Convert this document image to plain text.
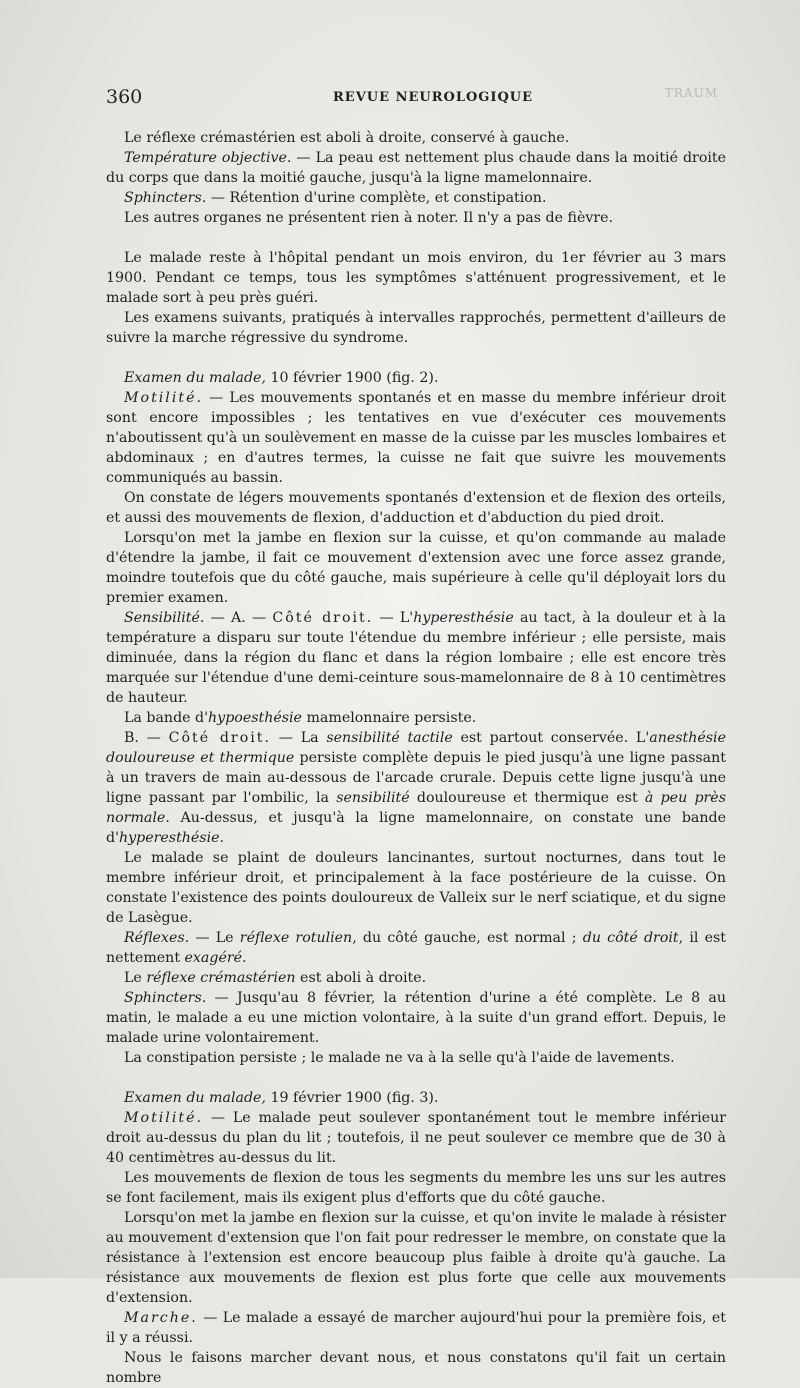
360	REVUE NEUROLOGIQUE	TRAUM

Le réflexe crémastérien est aboli à droite, conservé à gauche.

Température objective. — La peau est nettement plus chaude dans la moitié droite du corps que dans la moitié gauche, jusqu'à la ligne mamelonnaire.

Sphincters. — Rétention d'urine complète, et constipation.

Les autres organes ne présentent rien à noter. Il n'y a pas de fièvre.

Le malade reste à l'hôpital pendant un mois environ, du 1er février au 3 mars 1900. Pendant ce temps, tous les symptômes s'atténuent progressivement, et le malade sort à peu près guéri.

Les examens suivants, pratiqués à intervalles rapprochés, permettent d'ailleurs de suivre la marche régressive du syndrome.

Examen du malade, 10 février 1900 (fig. 2).

Motilité. — Les mouvements spontanés et en masse du membre inférieur droit sont encore impossibles ; les tentatives en vue d'exécuter ces mouvements n'aboutissent qu'à un soulèvement en masse de la cuisse par les muscles lombaires et abdominaux ; en d'autres termes, la cuisse ne fait que suivre les mouvements communiqués au bassin.

On constate de légers mouvements spontanés d'extension et de flexion des orteils, et aussi des mouvements de flexion, d'adduction et d'abduction du pied droit.

Lorsqu'on met la jambe en flexion sur la cuisse, et qu'on commande au malade d'étendre la jambe, il fait ce mouvement d'extension avec une force assez grande, moindre toutefois que du côté gauche, mais supérieure à celle qu'il déployait lors du premier examen.

Sensibilité. — A. — Côté droit. — L'hyperesthésie au tact, à la douleur et à la température a disparu sur toute l'étendue du membre inférieur ; elle persiste, mais diminuée, dans la région du flanc et dans la région lombaire ; elle est encore très marquée sur l'étendue d'une demi-ceinture sous-mamelonnaire de 8 à 10 centimètres de hauteur.

La bande d'hypoesthésie mamelonnaire persiste.

B. — Côté droit. — La sensibilité tactile est partout conservée. L'anesthésie douloureuse et thermique persiste complète depuis le pied jusqu'à une ligne passant à un travers de main au-dessous de l'arcade crurale. Depuis cette ligne jusqu'à une ligne passant par l'ombilic, la sensibilité douloureuse et thermique est à peu près normale. Au-dessus, et jusqu'à la ligne mamelonnaire, on constate une bande d'hyperesthésie.

Le malade se plaint de douleurs lancinantes, surtout nocturnes, dans tout le membre inférieur droit, et principalement à la face postérieure de la cuisse. On constate l'existence des points douloureux de Valleix sur le nerf sciatique, et du signe de Lasègue.

Réflexes. — Le réflexe rotulien, du côté gauche, est normal ; du côté droit, il est nettement exagéré.

Le réflexe crémastérien est aboli à droite.

Sphincters. — Jusqu'au 8 février, la rétention d'urine a été complète. Le 8 au matin, le malade a eu une miction volontaire, à la suite d'un grand effort. Depuis, le malade urine volontairement.

La constipation persiste ; le malade ne va à la selle qu'à l'aide de lavements.

Examen du malade, 19 février 1900 (fig. 3).

Motilité. — Le malade peut soulever spontanément tout le membre inférieur droit au-dessus du plan du lit ; toutefois, il ne peut soulever ce membre que de 30 à 40 centimètres au-dessus du lit.

Les mouvements de flexion de tous les segments du membre les uns sur les autres se font facilement, mais ils exigent plus d'efforts que du côté gauche.

Lorsqu'on met la jambe en flexion sur la cuisse, et qu'on invite le malade à résister au mouvement d'extension que l'on fait pour redresser le membre, on constate que la résistance à l'extension est encore beaucoup plus faible à droite qu'à gauche. La résistance aux mouvements de flexion est plus forte que celle aux mouvements d'extension.

Marche. — Le malade a essayé de marcher aujourd'hui pour la première fois, et il y a réussi.

Nous le faisons marcher devant nous, et nous constatons qu'il fait un certain nombre
